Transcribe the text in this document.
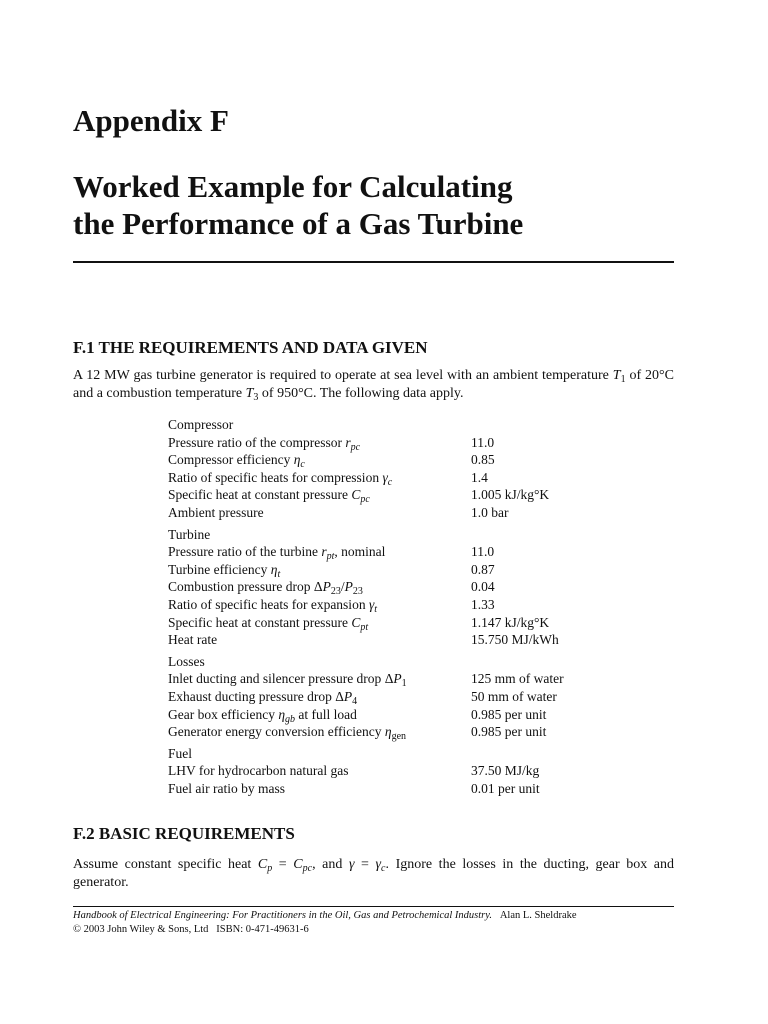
Appendix F
Worked Example for Calculating
the Performance of a Gas Turbine
F.1 THE REQUIREMENTS AND DATA GIVEN
A 12 MW gas turbine generator is required to operate at sea level with an ambient temperature $T_1$ of 20°C and a combustion temperature $T_3$ of 950°C. The following data apply.
Compressor
Pressure ratio of the compressor $r_{pc}$	11.0
Compressor efficiency $\eta_c$	0.85
Ratio of specific heats for compression $\gamma_c$	1.4
Specific heat at constant pressure $C_{pc}$	1.005 kJ/kg°K
Ambient pressure	1.0 bar
Turbine
Pressure ratio of the turbine $r_{pt}$, nominal	11.0
Turbine efficiency $\eta_t$	0.87
Combustion pressure drop $\Delta P_{23}/P_{23}$	0.04
Ratio of specific heats for expansion $\gamma_t$	1.33
Specific heat at constant pressure $C_{pt}$	1.147 kJ/kg°K
Heat rate	15.750 MJ/kWh
Losses
Inlet ducting and silencer pressure drop $\Delta P_1$	125 mm of water
Exhaust ducting pressure drop $\Delta P_4$	50 mm of water
Gear box efficiency $\eta_{gb}$ at full load	0.985 per unit
Generator energy conversion efficiency $\eta_{gen}$	0.985 per unit
Fuel
LHV for hydrocarbon natural gas	37.50 MJ/kg
Fuel air ratio by mass	0.01 per unit
F.2 BASIC REQUIREMENTS
Assume constant specific heat $C_p = C_{pc}$, and $\gamma = \gamma_c$. Ignore the losses in the ducting, gear box and generator.
Handbook of Electrical Engineering: For Practitioners in the Oil, Gas and Petrochemical Industry. Alan L. Sheldrake
© 2003 John Wiley & Sons, Ltd ISBN: 0-471-49631-6
